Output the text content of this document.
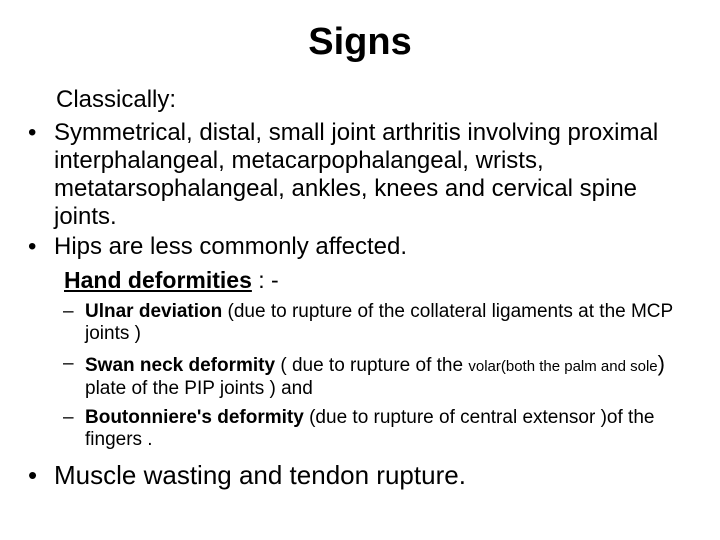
Signs
Classically:
• Symmetrical, distal, small joint arthritis involving proximal interphalangeal, metacarpophalangeal, wrists, metatarsophalangeal, ankles, knees and cervical spine joints.
• Hips are less commonly affected.
Hand deformities : -
– Ulnar deviation (due to rupture of the collateral ligaments at the MCP joints )
– Swan neck deformity ( due to rupture of the volar(both the palm and sole) plate of the PIP joints ) and
– Boutonniere's deformity (due to rupture of central extensor )of the fingers .
• Muscle wasting and tendon rupture.
